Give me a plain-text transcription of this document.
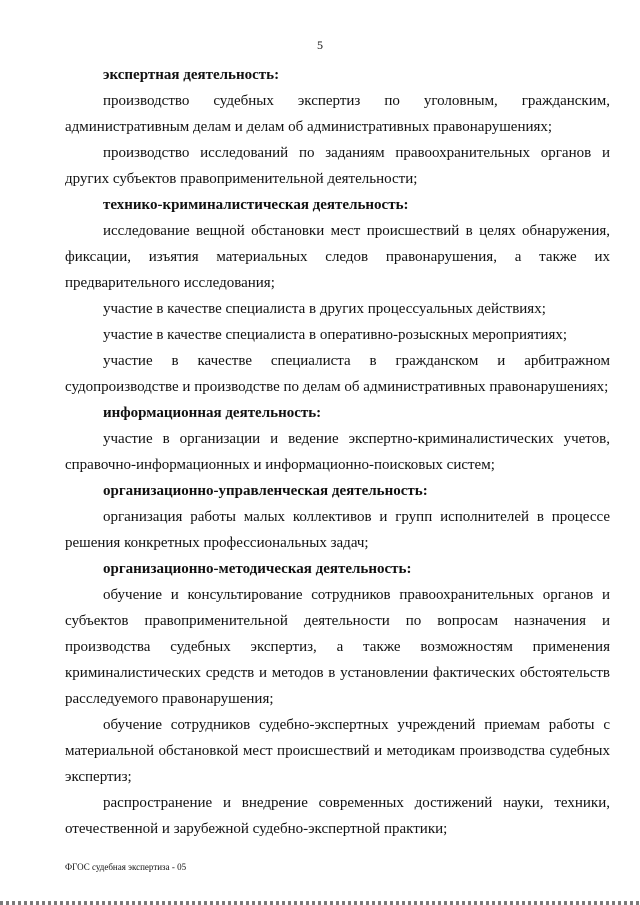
5

экспертная деятельность:

производство судебных экспертиз по уголовным, гражданским, административным делам и делам об административных правонарушениях;

производство исследований по заданиям правоохранительных органов и других субъектов правоприменительной деятельности;

технико-криминалистическая деятельность:

исследование вещной обстановки мест происшествий в целях обнаружения, фиксации, изъятия материальных следов правонарушения, а также их предварительного исследования;

участие в качестве специалиста в других процессуальных действиях;

участие в качестве специалиста в оперативно-розыскных мероприятиях;

участие в качестве специалиста в гражданском и арбитражном судопроизводстве и производстве по делам об административных правонарушениях;

информационная деятельность:

участие в организации и ведение экспертно-криминалистических учетов, справочно-информационных и информационно-поисковых систем;

организационно-управленческая деятельность:

организация работы малых коллективов и групп исполнителей в процессе решения конкретных профессиональных задач;

организационно-методическая деятельность:

обучение и консультирование сотрудников правоохранительных органов и субъектов правоприменительной деятельности по вопросам назначения и производства судебных экспертиз, а также возможностям применения криминалистических средств и методов в установлении фактических обстоятельств расследуемого правонарушения;

обучение сотрудников судебно-экспертных учреждений приемам работы с материальной обстановкой мест происшествий и методикам производства судебных экспертиз;

распространение и внедрение современных достижений науки, техники, отечественной и зарубежной судебно-экспертной практики;

ФГОС судебная экспертиза - 05
